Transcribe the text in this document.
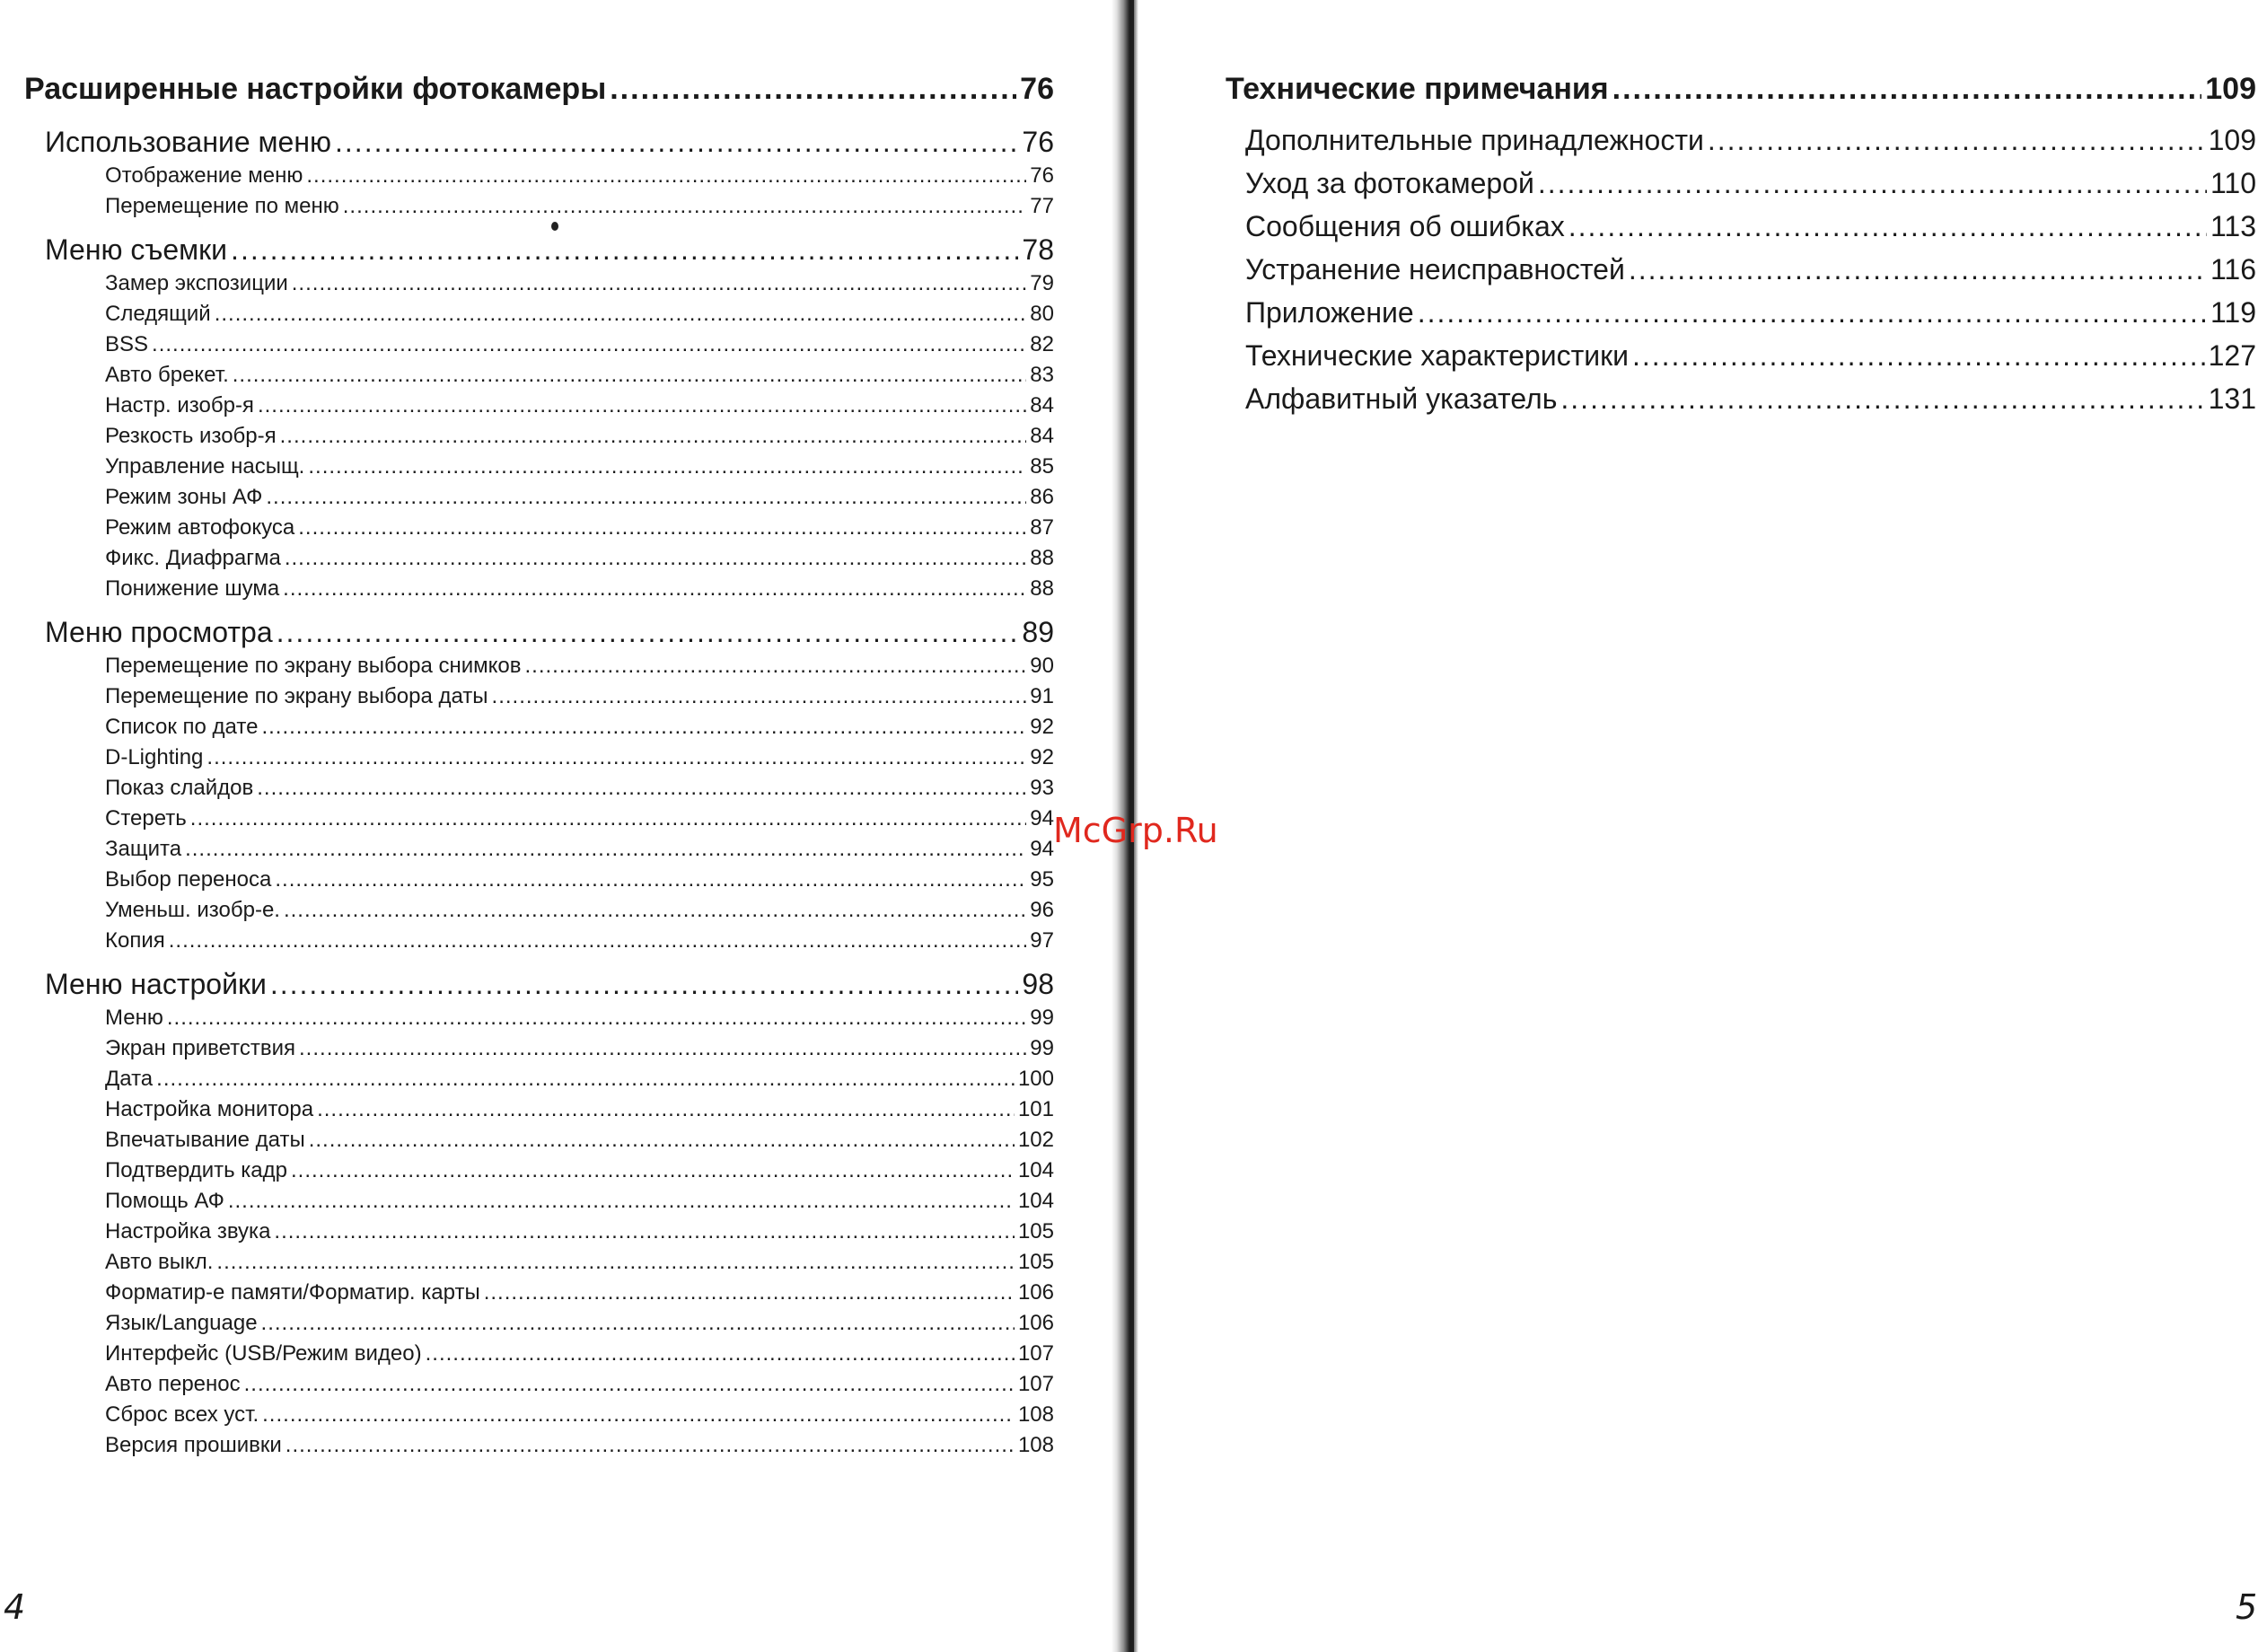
Расширенные настройки фотокамеры .....	76
Использование меню .....	76
Отображение меню .....	76
Перемещение по меню .....	77
Меню съемки .....	78
Замер экспозиции .....	79
Следящий .....	80
BSS .....	82
Авто брекет. .....	83
Настр. изобр-я .....	84
Резкость изобр-я .....	84
Управление насыщ. .....	85
Режим зоны АФ .....	86
Режим автофокуса .....	87
Фикс. Диафрагма .....	88
Понижение шума .....	88
Меню просмотра .....	89
Перемещение по экрану выбора снимков .....	90
Перемещение по экрану выбора даты .....	91
Список по дате .....	92
D-Lighting .....	92
Показ слайдов .....	93
Стереть .....	94
Защита .....	94
Выбор переноса .....	95
Уменьш. изобр-е. .....	96
Копия .....	97
Меню настройки .....	98
Меню .....	99
Экран приветствия .....	99
Дата .....	100
Настройка монитора .....	101
Впечатывание даты .....	102
Подтвердить кадр .....	104
Помощь АФ .....	104
Настройка звука .....	105
Авто выкл. .....	105
Форматир-е памяти/Форматир. карты .....	106
Язык/Language .....	106
Интерфейс (USB/Режим видео) .....	107
Авто перенос .....	107
Сброс всех уст. .....	108
Версия прошивки .....	108
4
Технические примечания .....	109
Дополнительные принадлежности .....	109
Уход за фотокамерой .....	110
Сообщения об ошибках .....	113
Устранение неисправностей .....	116
Приложение .....	119
Технические характеристики .....	127
Алфавитный указатель .....	131
5
McGrp.Ru
